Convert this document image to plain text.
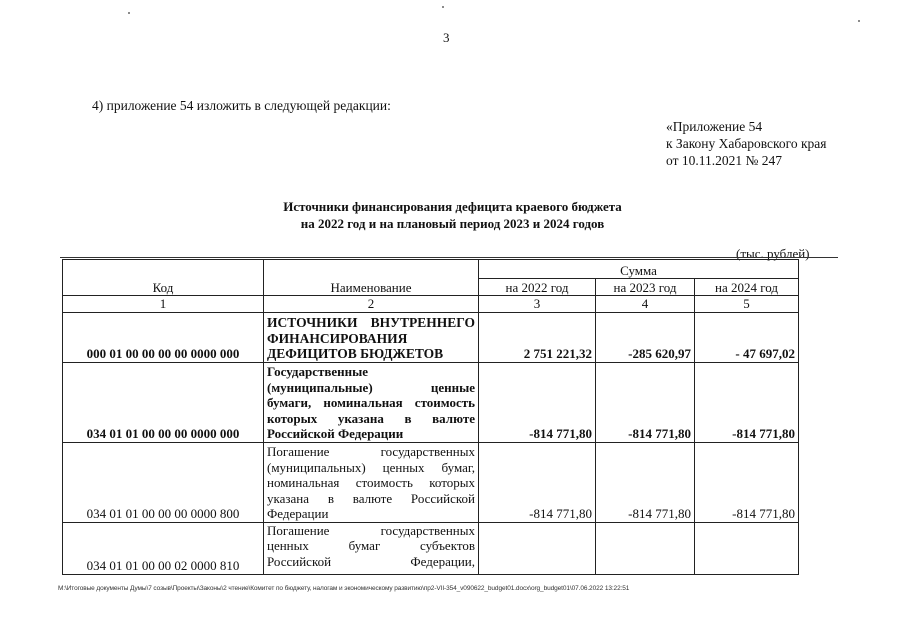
3
4) приложение 54 изложить в следующей редакции:
«Приложение 54
к Закону Хабаровского края
от 10.11.2021 № 247
Источники финансирования дефицита краевого бюджета
на 2022 год и на плановый период 2023 и 2024 годов
(тыс. рублей)
Код	Наименование	Сумма		
		на 2022 год	на 2023 год	на 2024 год
1	2	3	4	5
000 01 00 00 00 00 0000 000	ИСТОЧНИКИ ВНУТРЕННЕГО
ФИНАНСИРОВАНИЯ
ДЕФИЦИТОВ БЮДЖЕТОВ	2 751 221,32	-285 620,97	- 47 697,02
034 01 01 00 00 00 0000 000	Государственные
(муниципальные) ценные
бумаги, номинальная стоимость
которых указана в валюте
Российской Федерации	-814 771,80	-814 771,80	-814 771,80
034 01 01 00 00 00 0000 800	Погашение государственных
(муниципальных) ценных бумаг,
номинальная стоимость которых
указана в валюте Российской
Федерации	-814 771,80	-814 771,80	-814 771,80
034 01 01 00 00 02 0000 810	Погашение государственных
ценных бумаг субъектов
Российской Федерации,			

M:\Итоговые документы Думы\7 созыв\Проекты\Законы\2 чтение\Комитет по бюджету, налогам и экономическому развитию\пр2-VII-354_v090622_budget01.docx\org_budget01\07.06.2022 13:22:51
